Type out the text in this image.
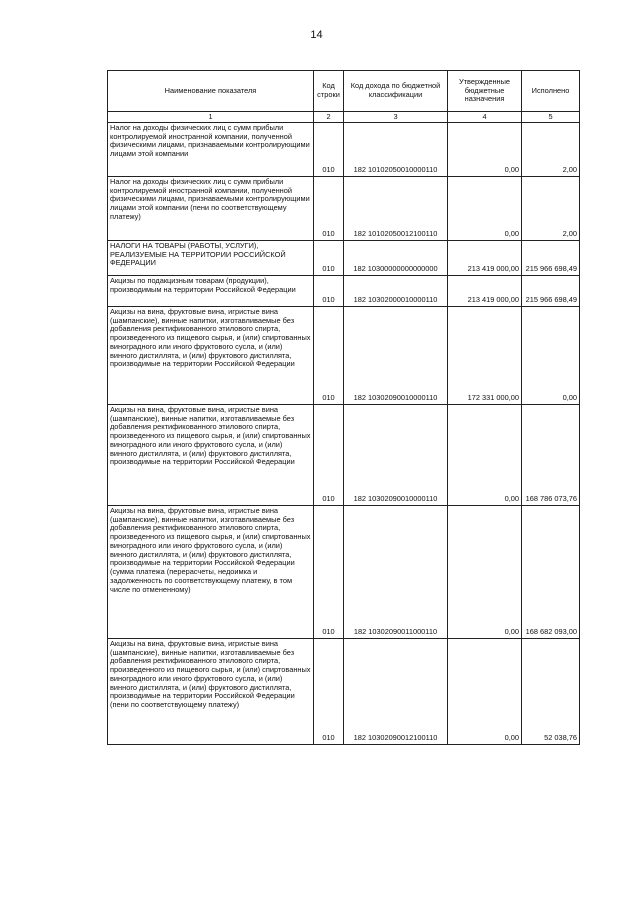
14
Наименование показателя	Код строки	Код дохода по бюджетной классификации	Утвержденные бюджетные назначения	Исполнено
1	2	3	4	5
Налог на доходы физических лиц с сумм прибыли контролируемой иностранной компании, полученной физическими лицами, признаваемыми контролирующими лицами этой компании	010	182 10102050010000110	0,00	2,00
Налог на доходы физических лиц с сумм прибыли контролируемой иностранной компании, полученной физическими лицами, признаваемыми контролирующими лицами этой компании (пени по соответствующему платежу)	010	182 10102050012100110	0,00	2,00
НАЛОГИ НА ТОВАРЫ (РАБОТЫ, УСЛУГИ), РЕАЛИЗУЕМЫЕ НА ТЕРРИТОРИИ РОССИЙСКОЙ ФЕДЕРАЦИИ	010	182 10300000000000000	213 419 000,00	215 966 698,49
Акцизы по подакцизным товарам (продукции), производимым на территории Российской Федерации	010	182 10302000010000110	213 419 000,00	215 966 698,49
Акцизы на вина, фруктовые вина, игристые вина (шампанские), винные напитки, изготавливаемые без добавления ректификованного этилового спирта, произведенного из пищевого сырья, и (или) спиртованных виноградного или иного фруктового сусла, и (или) винного дистиллята, и (или) фруктового дистиллята, производимые на территории Российской Федерации	010	182 10302090010000110	172 331 000,00	0,00
Акцизы на вина, фруктовые вина, игристые вина (шампанские), винные напитки, изготавливаемые без добавления ректификованного этилового спирта, произведенного из пищевого сырья, и (или) спиртованных виноградного или иного фруктового сусла, и (или) винного дистиллята, и (или) фруктового дистиллята, производимые на территории Российской Федерации	010	182 10302090010000110	0,00	168 786 073,76
Акцизы на вина, фруктовые вина, игристые вина (шампанские), винные напитки, изготавливаемые без добавления ректификованного этилового спирта, произведенного из пищевого сырья, и (или) спиртованных виноградного или иного фруктового сусла, и (или) винного дистиллята, и (или) фруктового дистиллята, производимые на территории Российской Федерации (сумма платежа (перерасчеты, недоимка и задолженность по соответствующему платежу, в том числе по отмененному)	010	182 10302090011000110	0,00	168 682 093,00
Акцизы на вина, фруктовые вина, игристые вина (шампанские), винные напитки, изготавливаемые без добавления ректификованного этилового спирта, произведенного из пищевого сырья, и (или) спиртованных виноградного или иного фруктового сусла, и (или) винного дистиллята, и (или) фруктового дистиллята, производимые на территории Российской Федерации (пени по соответствующему платежу)	010	182 10302090012100110	0,00	52 038,76
